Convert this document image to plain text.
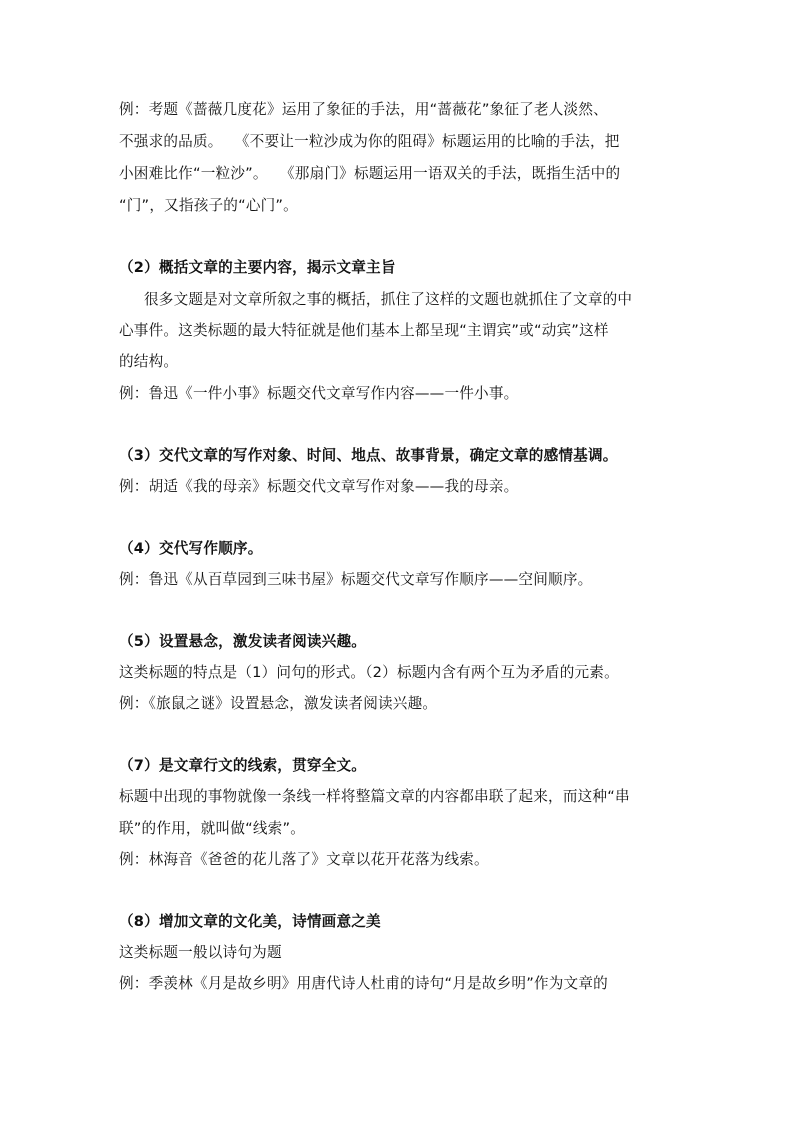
例：考题《蔷薇几度花》运用了象征的手法，用“蔷薇花”象征了老人淡然、
不强求的品质。　 《不要让一粒沙成为你的阻碍》标题运用的比喻的手法，把
小困难比作“一粒沙”。　 《那扇门》标题运用一语双关的手法，既指生活中的
“门”，又指孩子的“心门”。
（2）概括文章的主要内容，揭示文章主旨
很多文题是对文章所叙之事的概括，抓住了这样的文题也就抓住了文章的中
心事件。这类标题的最大特征就是他们基本上都呈现“主谓宾”或“动宾”这样
的结构。
例：鲁迅《一件小事》标题交代文章写作内容——一件小事。
（3）交代文章的写作对象、时间、地点、故事背景，确定文章的感情基调。
例：胡适《我的母亲》标题交代文章写作对象——我的母亲。
（4）交代写作顺序。
例：鲁迅《从百草园到三味书屋》标题交代文章写作顺序——空间顺序。
（5）设置悬念，激发读者阅读兴趣。
这类标题的特点是（1）问句的形式。（2）标题内含有两个互为矛盾的元素。
例：《旅鼠之谜》设置悬念，激发读者阅读兴趣。
（7）是文章行文的线索，贯穿全文。
标题中出现的事物就像一条线一样将整篇文章的内容都串联了起来，而这种“串
联”的作用，就叫做“线索”。
例：林海音《爸爸的花儿落了》文章以花开花落为线索。
（8）增加文章的文化美，诗情画意之美
这类标题一般以诗句为题
例：季羡林《月是故乡明》用唐代诗人杜甫的诗句“月是故乡明”作为文章的
